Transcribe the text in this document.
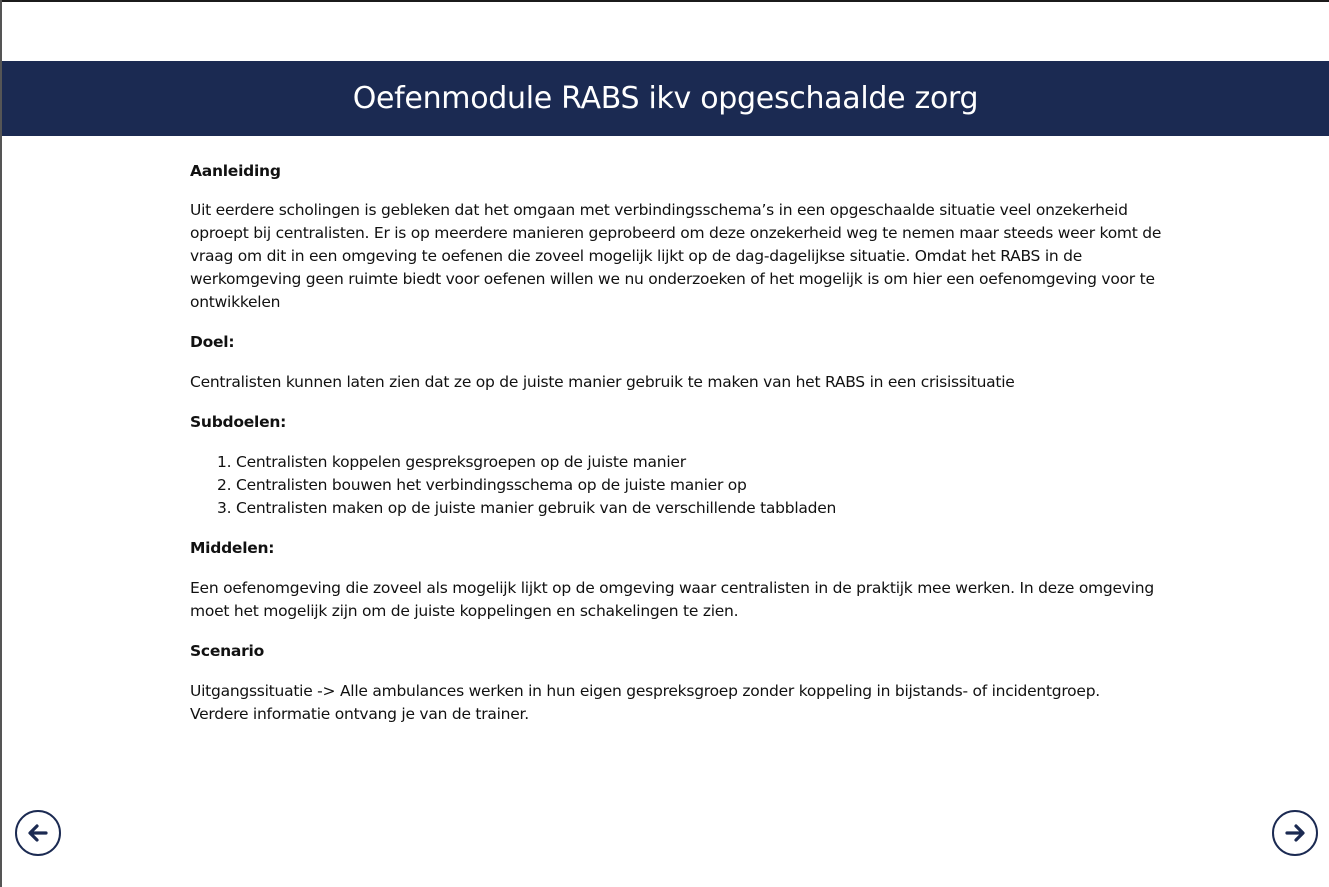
Oefenmodule RABS ikv opgeschaalde zorg
Aanleiding

Uit eerdere scholingen is gebleken dat het omgaan met verbindingsschema’s in een opgeschaalde situatie veel onzekerheid oproept bij centralisten. Er is op meerdere manieren geprobeerd om deze onzekerheid weg te nemen maar steeds weer komt de vraag om dit in een omgeving te oefenen die zoveel mogelijk lijkt op de dag-dagelijkse situatie. Omdat het RABS in de werkomgeving geen ruimte biedt voor oefenen willen we nu onderzoeken of het mogelijk is om hier een oefenomgeving voor te ontwikkelen

Doel:

Centralisten kunnen laten zien dat ze op de juiste manier gebruik te maken van het RABS in een crisissituatie

Subdoelen:
1. Centralisten koppelen gespreksgroepen op de juiste manier
2. Centralisten bouwen het verbindingsschema op de juiste manier op
3. Centralisten maken op de juiste manier gebruik van de verschillende tabbladen
Middelen:

Een oefenomgeving die zoveel als mogelijk lijkt op de omgeving waar centralisten in de praktijk mee werken. In deze omgeving moet het mogelijk zijn om de juiste koppelingen en schakelingen te zien.

Scenario

Uitgangssituatie -> Alle ambulances werken in hun eigen gespreksgroep zonder koppeling in bijstands- of incidentgroep.
Verdere informatie ontvang je van de trainer.
